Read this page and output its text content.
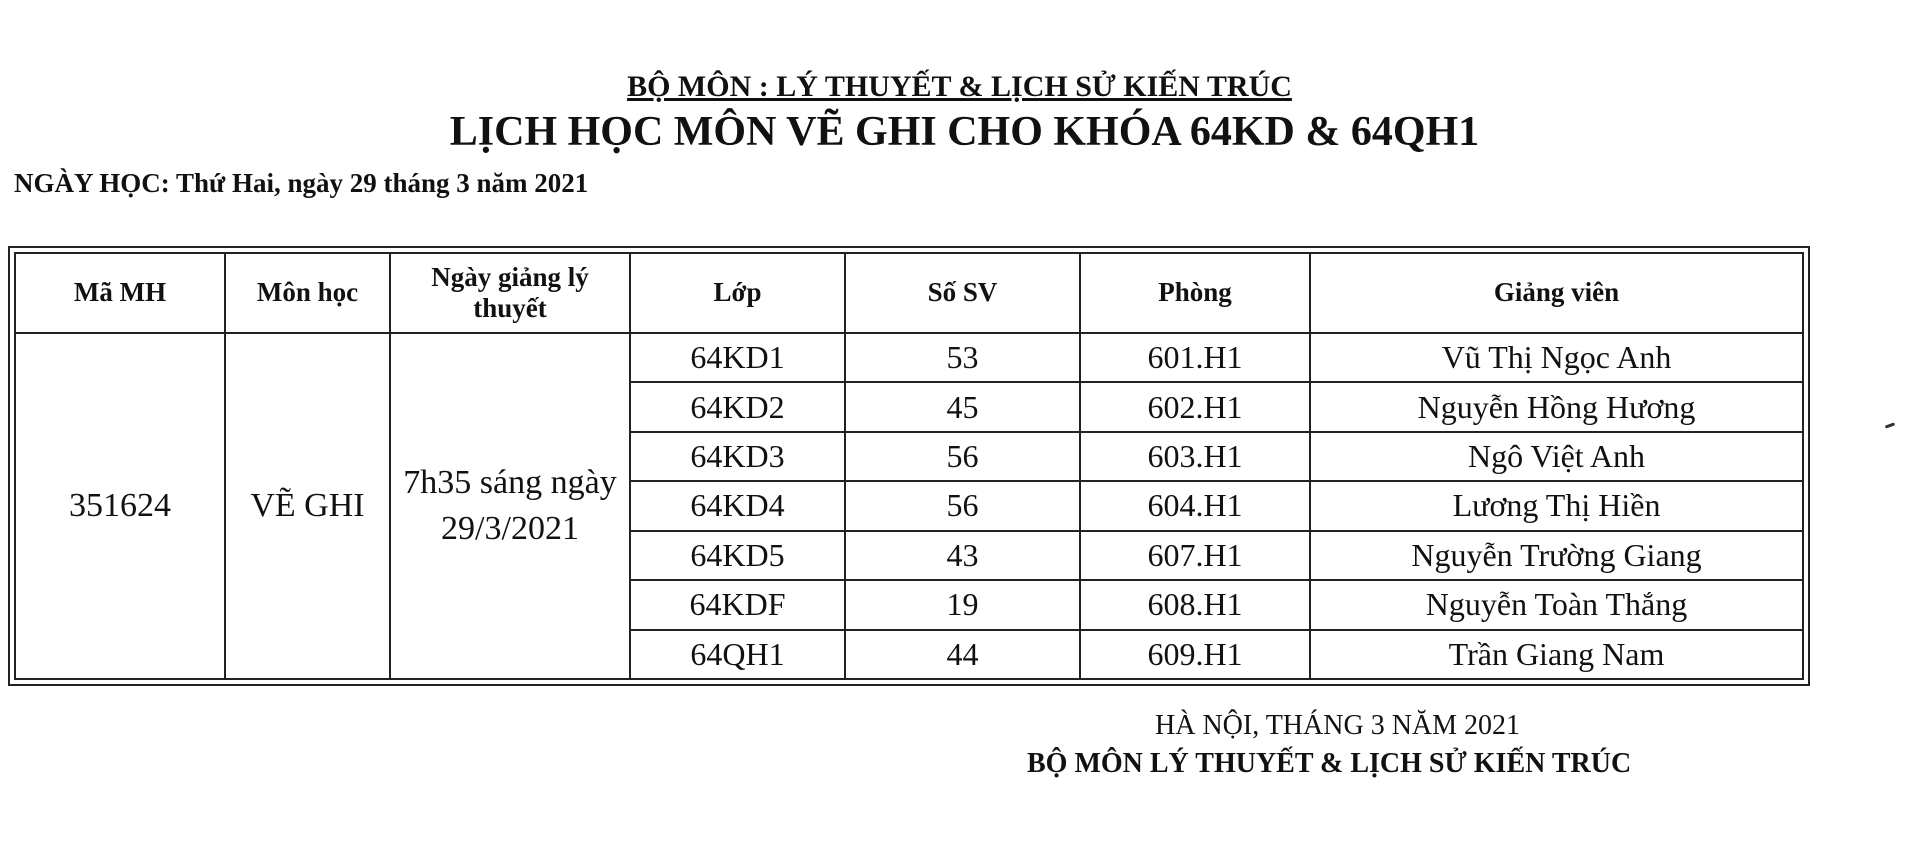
BỘ MÔN : LÝ THUYẾT & LỊCH SỬ KIẾN TRÚC
LỊCH HỌC MÔN VẼ GHI CHO KHÓA 64KD & 64QH1
NGÀY HỌC: Thứ Hai, ngày 29 tháng 3 năm 2021
Mã MH	Môn học	Ngày giảng lý thuyết	Lớp	Số SV	Phòng	Giảng viên
351624	VẼ GHI	7h35 sáng ngày 29/3/2021	64KD1	53	601.H1	Vũ Thị Ngọc Anh
			64KD2	45	602.H1	Nguyễn Hồng Hương
			64KD3	56	603.H1	Ngô Việt Anh
			64KD4	56	604.H1	Lương Thị Hiền
			64KD5	43	607.H1	Nguyễn Trường Giang
			64KDF	19	608.H1	Nguyễn Toàn Thắng
			64QH1	44	609.H1	Trần Giang Nam
HÀ NỘI, THÁNG 3 NĂM 2021
BỘ MÔN LÝ THUYẾT & LỊCH SỬ KIẾN TRÚC
